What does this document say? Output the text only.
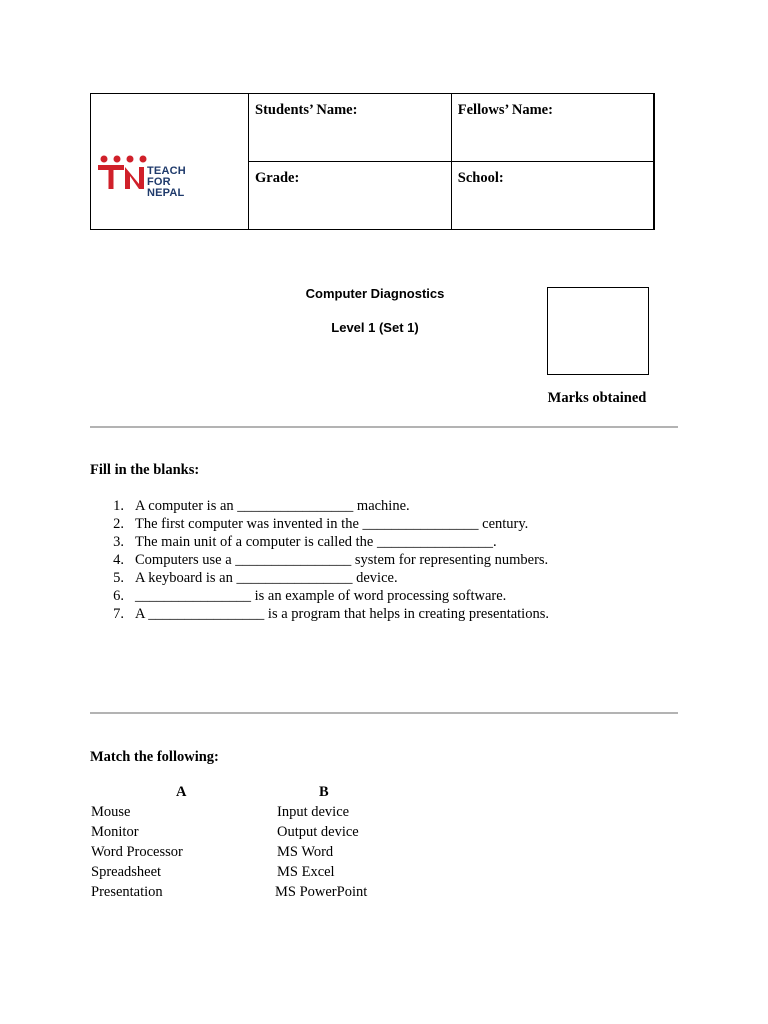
TEACH
FOR
NEPAL	Students’ Name:	Fellows’ Name:
	Grade:	School:
Computer Diagnostics
Level 1 (Set 1)
Marks obtained
Fill in the blanks:
1. A computer is an ________________ machine.
2. The first computer was invented in the ________________ century.
3. The main unit of a computer is called the ________________.
4. Computers use a ________________ system for representing numbers.
5. A keyboard is an ________________ device.
6. ________________ is an example of word processing software.
7. A ________________ is a program that helps in creating presentations.
Match the following:
A	B
Mouse	Input device
Monitor	Output device
Word Processor	MS Word
Spreadsheet	MS Excel
Presentation	MS PowerPoint
